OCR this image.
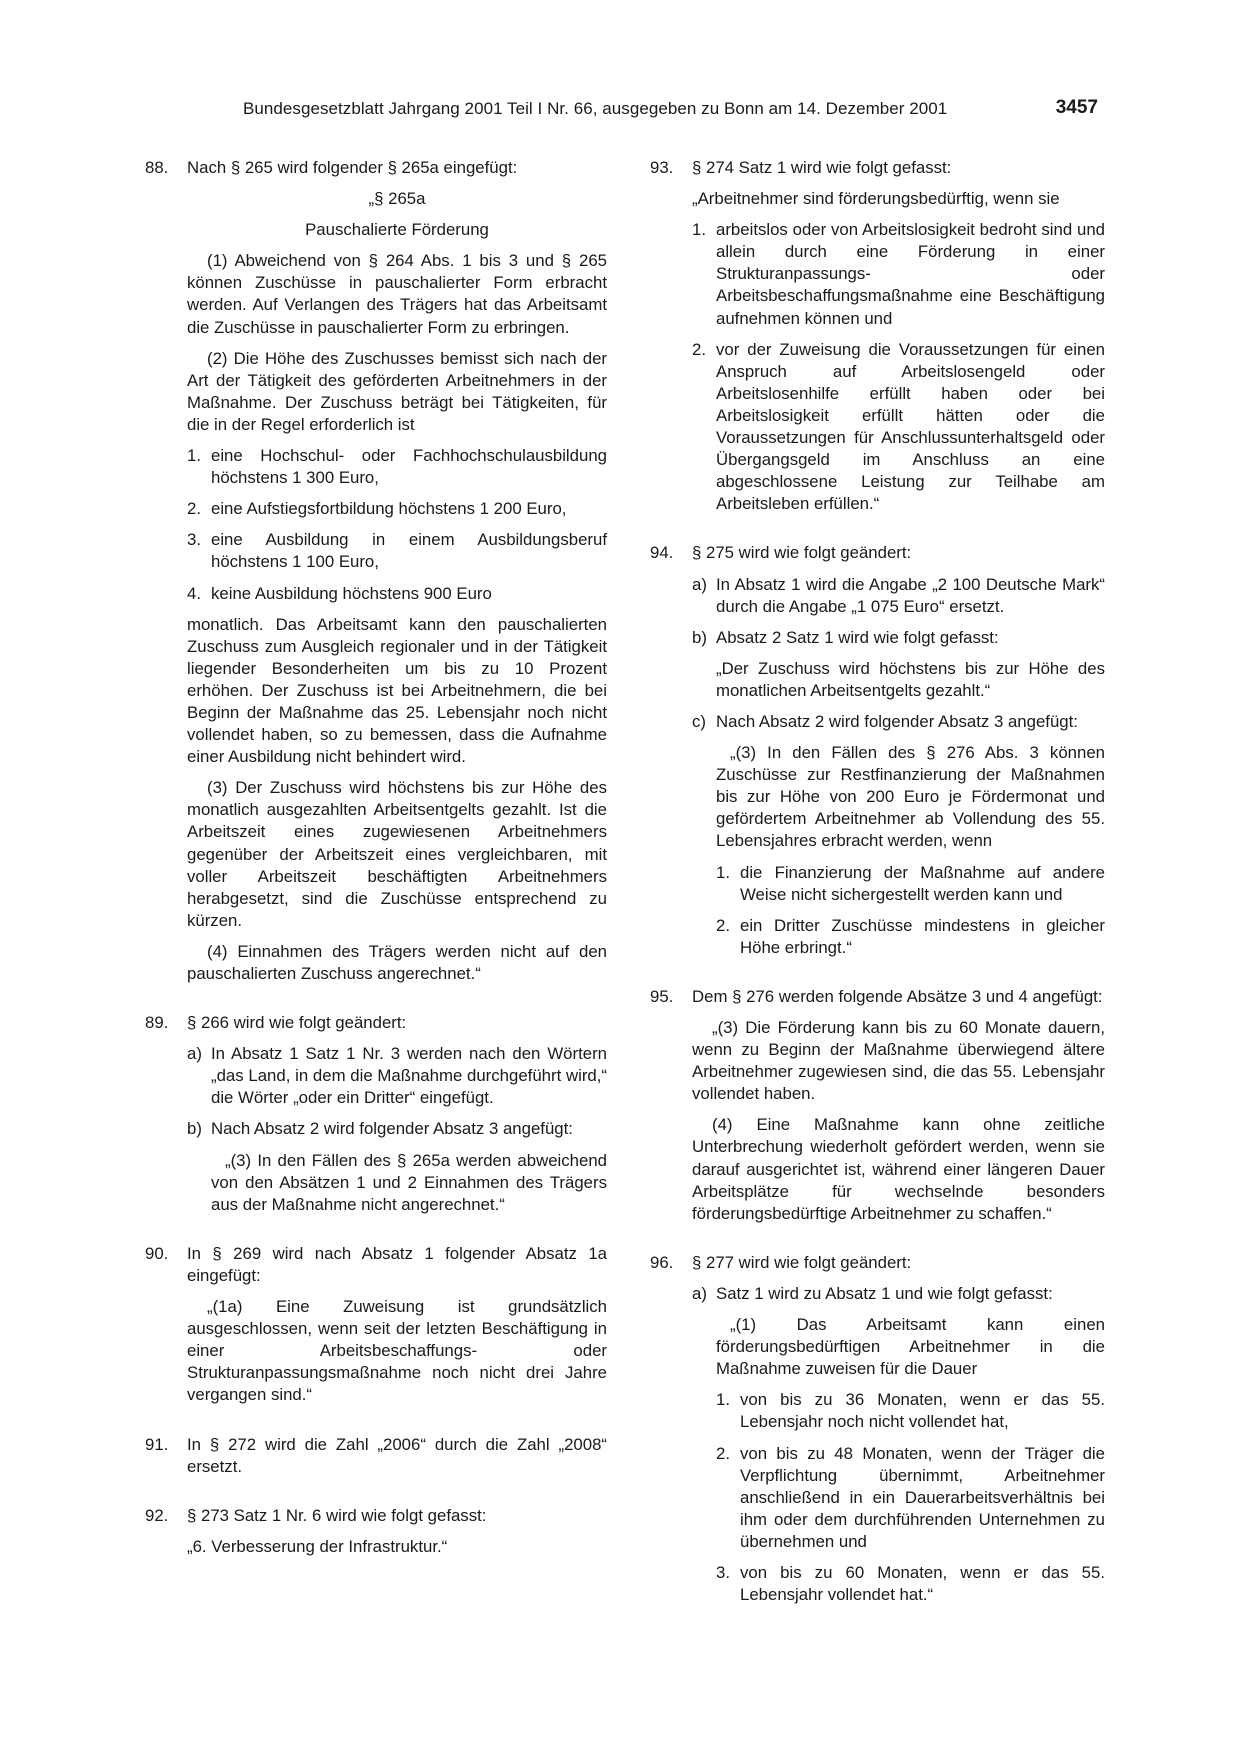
Bundesgesetzblatt Jahrgang 2001 Teil I Nr. 66, ausgegeben zu Bonn am 14. Dezember 2001	3457
88. Nach § 265 wird folgender § 265a eingefügt:

„§ 265a

Pauschalierte Förderung

(1) Abweichend von § 264 Abs. 1 bis 3 und § 265 können Zuschüsse in pauschalierter Form erbracht werden. Auf Verlangen des Trägers hat das Arbeitsamt die Zuschüsse in pauschalierter Form zu erbringen.

(2) Die Höhe des Zuschusses bemisst sich nach der Art der Tätigkeit des geförderten Arbeitnehmers in der Maßnahme. Der Zuschuss beträgt bei Tätigkeiten, für die in der Regel erforderlich ist

1. eine Hochschul- oder Fachhochschulausbildung höchstens 1 300 Euro,
2. eine Aufstiegsfortbildung höchstens 1 200 Euro,
3. eine Ausbildung in einem Ausbildungsberuf höchstens 1 100 Euro,
4. keine Ausbildung höchstens 900 Euro

monatlich. Das Arbeitsamt kann den pauschalierten Zuschuss zum Ausgleich regionaler und in der Tätigkeit liegender Besonderheiten um bis zu 10 Prozent erhöhen. Der Zuschuss ist bei Arbeitnehmern, die bei Beginn der Maßnahme das 25. Lebensjahr noch nicht vollendet haben, so zu bemessen, dass die Aufnahme einer Ausbildung nicht behindert wird.

(3) Der Zuschuss wird höchstens bis zur Höhe des monatlich ausgezahlten Arbeitsentgelts gezahlt. Ist die Arbeitszeit eines zugewiesenen Arbeitnehmers gegenüber der Arbeitszeit eines vergleichbaren, mit voller Arbeitszeit beschäftigten Arbeitnehmers herabgesetzt, sind die Zuschüsse entsprechend zu kürzen.

(4) Einnahmen des Trägers werden nicht auf den pauschalierten Zuschuss angerechnet.“

89. § 266 wird wie folgt geändert:

a) In Absatz 1 Satz 1 Nr. 3 werden nach den Wörtern „das Land, in dem die Maßnahme durchgeführt wird,“ die Wörter „oder ein Dritter“ eingefügt.
b) Nach Absatz 2 wird folgender Absatz 3 angefügt:

„(3) In den Fällen des § 265a werden abweichend von den Absätzen 1 und 2 Einnahmen des Trägers aus der Maßnahme nicht angerechnet.“

90. In § 269 wird nach Absatz 1 folgender Absatz 1a eingefügt:

„(1a) Eine Zuweisung ist grundsätzlich ausgeschlossen, wenn seit der letzten Beschäftigung in einer Arbeitsbeschaffungs- oder Strukturanpassungsmaßnahme noch nicht drei Jahre vergangen sind.“

91. In § 272 wird die Zahl „2006“ durch die Zahl „2008“ ersetzt.

92. § 273 Satz 1 Nr. 6 wird wie folgt gefasst:

„6. Verbesserung der Infrastruktur.“

93. § 274 Satz 1 wird wie folgt gefasst:

„Arbeitnehmer sind förderungsbedürftig, wenn sie

1. arbeitslos oder von Arbeitslosigkeit bedroht sind und allein durch eine Förderung in einer Strukturanpassungs- oder Arbeitsbeschaffungsmaßnahme eine Beschäftigung aufnehmen können und
2. vor der Zuweisung die Voraussetzungen für einen Anspruch auf Arbeitslosengeld oder Arbeitslosenhilfe erfüllt haben oder bei Arbeitslosigkeit erfüllt hätten oder die Voraussetzungen für Anschlussunterhaltsgeld oder Übergangsgeld im Anschluss an eine abgeschlossene Leistung zur Teilhabe am Arbeitsleben erfüllen.“
94. § 275 wird wie folgt geändert:

a) In Absatz 1 wird die Angabe „2 100 Deutsche Mark“ durch die Angabe „1 075 Euro“ ersetzt.
b) Absatz 2 Satz 1 wird wie folgt gefasst:

„Der Zuschuss wird höchstens bis zur Höhe des monatlichen Arbeitsentgelts gezahlt.“

c) Nach Absatz 2 wird folgender Absatz 3 angefügt:

„(3) In den Fällen des § 276 Abs. 3 können Zuschüsse zur Restfinanzierung der Maßnahmen bis zur Höhe von 200 Euro je Fördermonat und gefördertem Arbeitnehmer ab Vollendung des 55. Lebensjahres erbracht werden, wenn

1. die Finanzierung der Maßnahme auf andere Weise nicht sichergestellt werden kann und
2. ein Dritter Zuschüsse mindestens in gleicher Höhe erbringt.“
95. Dem § 276 werden folgende Absätze 3 und 4 angefügt:

„(3) Die Förderung kann bis zu 60 Monate dauern, wenn zu Beginn der Maßnahme überwiegend ältere Arbeitnehmer zugewiesen sind, die das 55. Lebensjahr vollendet haben.

(4) Eine Maßnahme kann ohne zeitliche Unterbrechung wiederholt gefördert werden, wenn sie darauf ausgerichtet ist, während einer längeren Dauer Arbeitsplätze für wechselnde besonders förderungsbedürftige Arbeitnehmer zu schaffen.“

96. § 277 wird wie folgt geändert:

a) Satz 1 wird zu Absatz 1 und wie folgt gefasst:

„(1) Das Arbeitsamt kann einen förderungsbedürftigen Arbeitnehmer in die Maßnahme zuweisen für die Dauer

1. von bis zu 36 Monaten, wenn er das 55. Lebensjahr noch nicht vollendet hat,
2. von bis zu 48 Monaten, wenn der Träger die Verpflichtung übernimmt, Arbeitnehmer anschließend in ein Dauerarbeitsverhältnis bei ihm oder dem durchführenden Unternehmen zu übernehmen und
3. von bis zu 60 Monaten, wenn er das 55. Lebensjahr vollendet hat.“
